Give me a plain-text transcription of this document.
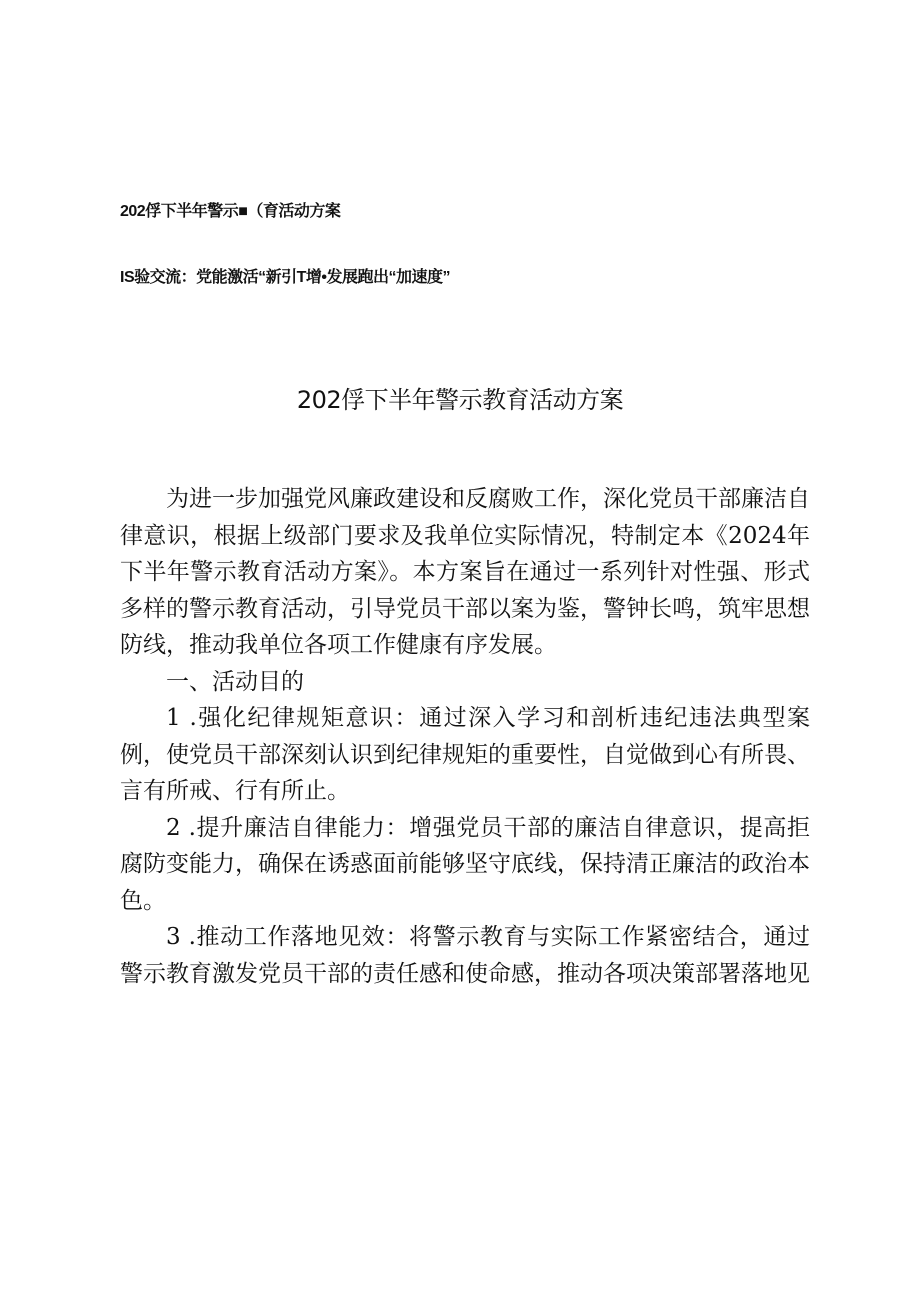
202俘下半年警示■（育活动方案
IS验交流：党能激活“新引T增•发展跑出“加速度”
202俘下半年警示教育活动方案

为进一步加强党风廉政建设和反腐败工作，深化党员干部廉洁自律意识，根据上级部门要求及我单位实际情况，特制定本《2024年下半年警示教育活动方案》。本方案旨在通过一系列针对性强、形式多样的警示教育活动，引导党员干部以案为鉴，警钟长鸣，筑牢思想防线，推动我单位各项工作健康有序发展。

一、活动目的

1 .强化纪律规矩意识：通过深入学习和剖析违纪违法典型案例，使党员干部深刻认识到纪律规矩的重要性，自觉做到心有所畏、言有所戒、行有所止。

2 .提升廉洁自律能力：增强党员干部的廉洁自律意识，提高拒腐防变能力，确保在诱惑面前能够坚守底线，保持清正廉洁的政治本色。

3 .推动工作落地见效：将警示教育与实际工作紧密结合，通过警示教育激发党员干部的责任感和使命感，推动各项决策部署落地见
